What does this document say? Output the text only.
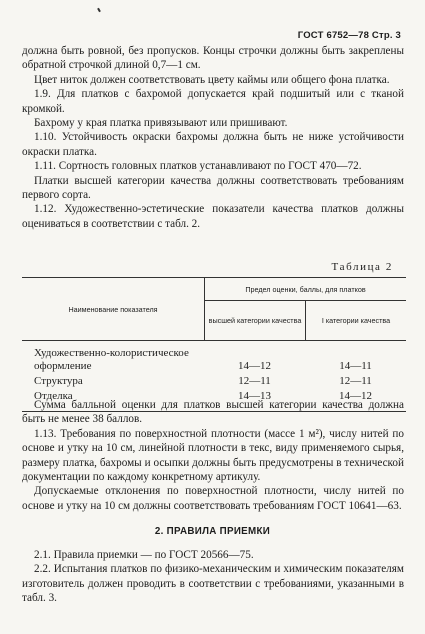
ГОСТ 6752—78 Стр. 3

должна быть ровной, без пропусков. Концы строчки должны быть закреплены обратной строчкой длиной 0,7—1 см.

Цвет ниток должен соответствовать цвету каймы или общего фона платка.

1.9. Для платков с бахромой допускается край подшитый или с тканой кромкой.

Бахрому у края платка привязывают или пришивают.

1.10. Устойчивость окраски бахромы должна быть не ниже устойчивости окраски платка.

1.11. Сортность головных платков устанавливают по ГОСТ 470—72.

Платки высшей категории качества должны соответствовать требованиям первого сорта.

1.12. Художественно-эстетические показатели качества платков должны оцениваться в соответствии с табл. 2.

Таблица 2
Наименование показателя
Предел оценки, баллы, для платков
высшей категории качества	I категории качества
Художественно-колористическое оформление	14—12	14—11
Структура	12—11	12—11
Отделка	14—13	14—12

Сумма балльной оценки для платков высшей категории качества должна быть не менее 38 баллов.

1.13. Требования по поверхностной плотности (массе 1 м²), числу нитей по основе и утку на 10 см, линейной плотности в текс, виду применяемого сырья, размеру платка, бахромы и осыпки должны быть предусмотрены в технической документации по каждому конкретному артикулу.

Допускаемые отклонения по поверхностной плотности, числу нитей по основе и утку на 10 см должны соответствовать требованиям ГОСТ 10641—63.

2. ПРАВИЛА ПРИЕМКИ

2.1. Правила приемки — по ГОСТ 20566—75.

2.2. Испытания платков по физико-механическим и химическим показателям изготовитель должен проводить в соответствии с требованиями, указанными в табл. 3.
